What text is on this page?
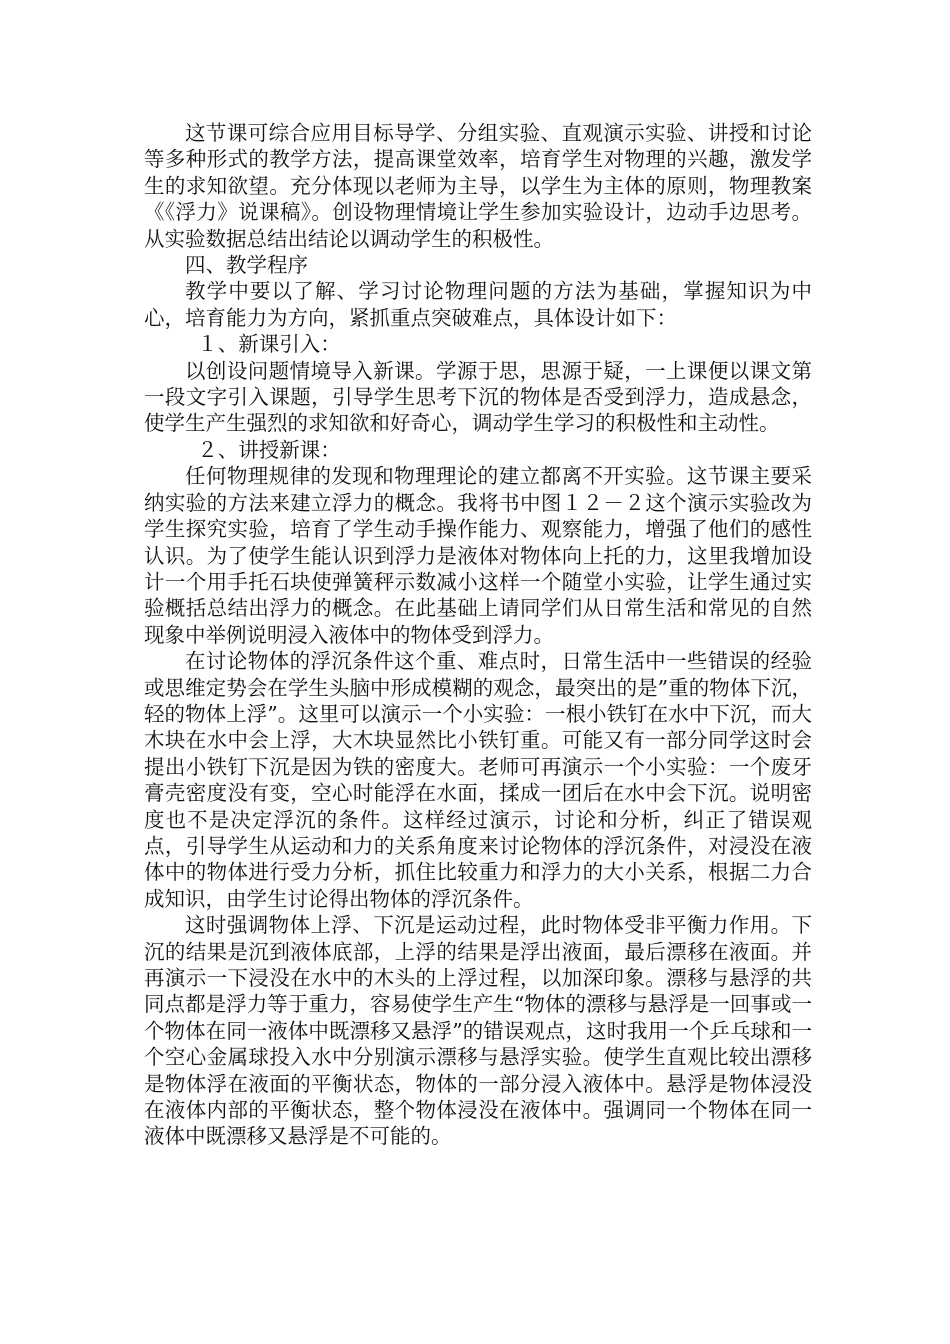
这节课可综合应用目标导学、分组实验、直观演示实验、讲授和讨论等多种形式的教学方法，提高课堂效率，培育学生对物理的兴趣，激发学生的求知欲望。充分体现以老师为主导，以学生为主体的原则，物理教案《《浮力》说课稿》。创设物理情境让学生参加实验设计，边动手边思考。从实验数据总结出结论以调动学生的积极性。

四、教学程序

教学中要以了解、学习讨论物理问题的方法为基础，掌握知识为中心，培育能力为方向，紧抓重点突破难点，具体设计如下：

１、新课引入：

以创设问题情境导入新课。学源于思，思源于疑，一上课便以课文第一段文字引入课题，引导学生思考下沉的物体是否受到浮力，造成悬念，使学生产生强烈的求知欲和好奇心，调动学生学习的积极性和主动性。

２、讲授新课：

任何物理规律的发现和物理理论的建立都离不开实验。这节课主要采纳实验的方法来建立浮力的概念。我将书中图１２－２这个演示实验改为学生探究实验，培育了学生动手操作能力、观察能力，增强了他们的感性认识。为了使学生能认识到浮力是液体对物体向上托的力，这里我增加设计一个用手托石块使弹簧秤示数减小这样一个随堂小实验，让学生通过实验概括总结出浮力的概念。在此基础上请同学们从日常生活和常见的自然现象中举例说明浸入液体中的物体受到浮力。

在讨论物体的浮沉条件这个重、难点时，日常生活中一些错误的经验或思维定势会在学生头脑中形成模糊的观念，最突出的是”重的物体下沉，轻的物体上浮”。这里可以演示一个小实验：一根小铁钉在水中下沉，而大木块在水中会上浮，大木块显然比小铁钉重。可能又有一部分同学这时会提出小铁钉下沉是因为铁的密度大。老师可再演示一个小实验：一个废牙膏壳密度没有变，空心时能浮在水面，揉成一团后在水中会下沉。说明密度也不是决定浮沉的条件。这样经过演示，讨论和分析，纠正了错误观点，引导学生从运动和力的关系角度来讨论物体的浮沉条件，对浸没在液体中的物体进行受力分析，抓住比较重力和浮力的大小关系，根据二力合成知识，由学生讨论得出物体的浮沉条件。

这时强调物体上浮、下沉是运动过程，此时物体受非平衡力作用。下沉的结果是沉到液体底部，上浮的结果是浮出液面，最后漂移在液面。并再演示一下浸没在水中的木头的上浮过程，以加深印象。漂移与悬浮的共同点都是浮力等于重力，容易使学生产生“物体的漂移与悬浮是一回事或一个物体在同一液体中既漂移又悬浮”的错误观点，这时我用一个乒乓球和一个空心金属球投入水中分别演示漂移与悬浮实验。使学生直观比较出漂移是物体浮在液面的平衡状态，物体的一部分浸入液体中。悬浮是物体浸没在液体内部的平衡状态，整个物体浸没在液体中。强调同一个物体在同一液体中既漂移又悬浮是不可能的。
